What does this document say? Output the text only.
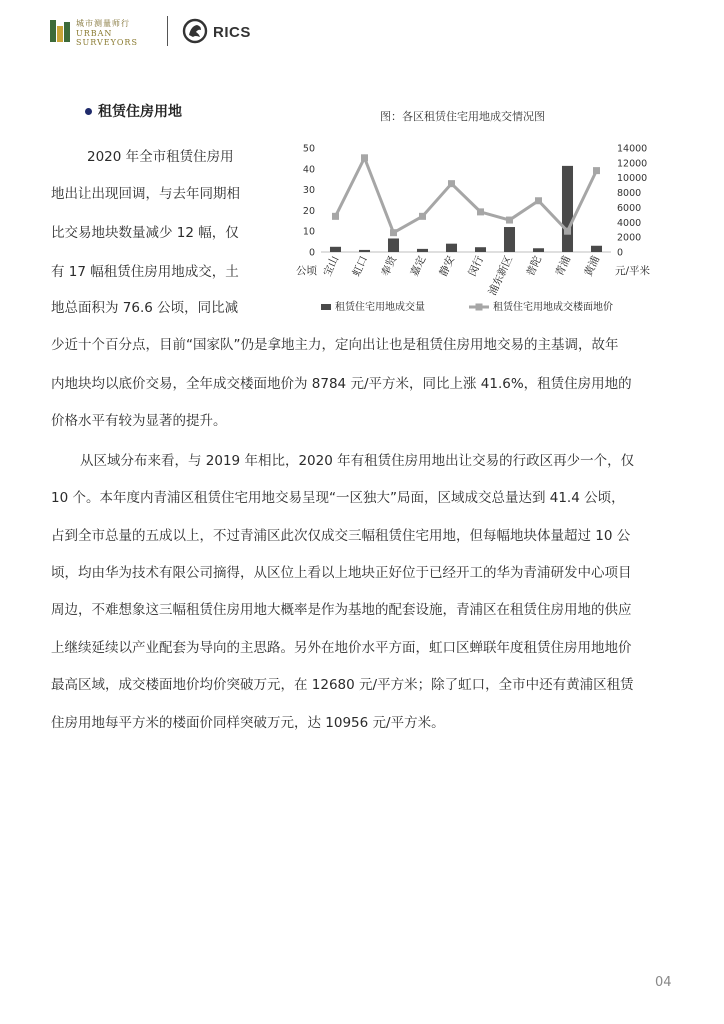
城市测量师行
URBAN
SURVEYORS
RICS
租赁住房用地
2020 年全市租赁住房用
地出让出现回调，与去年同期相
比交易地块数量减少 12 幅，仅
有 17 幅租赁住房用地成交，土
地总面积为 76.6 公顷，同比减
少近十个百分点，目前“国家队”仍是拿地主力，定向出让也是租赁住房用地交易的主基调，故年
内地块均以底价交易，全年成交楼面地价为 8784 元/平方米，同比上涨 41.6%，租赁住房用地的
价格水平有较为显著的提升。
从区域分布来看，与 2019 年相比，2020 年有租赁住房用地出让交易的行政区再少一个，仅
10 个。本年度内青浦区租赁住宅用地交易呈现“一区独大”局面，区域成交总量达到 41.4 公顷，
占到全市总量的五成以上，不过青浦区此次仅成交三幅租赁住宅用地，但每幅地块体量超过 10 公
顷，均由华为技术有限公司摘得，从区位上看以上地块正好位于已经开工的华为青浦研发中心项目
周边，不难想象这三幅租赁住房用地大概率是作为基地的配套设施，青浦区在租赁住房用地的供应
上继续延续以产业配套为导向的主思路。另外在地价水平方面，虹口区蝉联年度租赁住房用地地价
最高区域，成交楼面地价均价突破万元，在 12680 元/平方米；除了虹口，全市中还有黄浦区租赁
住房用地每平方米的楼面价同样突破万元，达 10956 元/平方米。
图：各区租赁住宅用地成交情况图
0
10
20
30
40
50
0
2000
4000
6000
8000
10000
12000
14000
宝山 虹口 奉贤 嘉定 静安 闵行 浦东新区 普陀 青浦 黄浦
公顷	元/平米
租赁住宅用地成交量	租赁住宅用地成交楼面地价
04
